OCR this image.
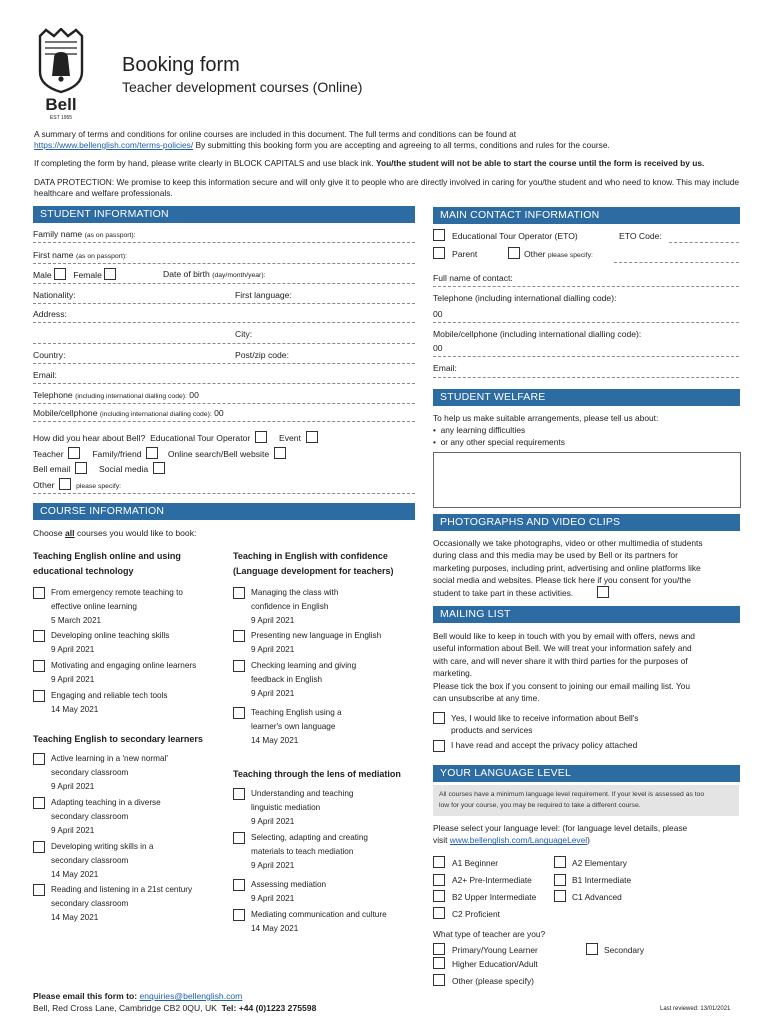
Bell
EST 1955
Booking form
Teacher development courses (Online)
A summary of terms and conditions for online courses are included in this document. The full terms and conditions can be found at
https://www.bellenglish.com/terms-policies/ By submitting this booking form you are accepting and agreeing to all terms, conditions and rules for the course.
If completing the form by hand, please write clearly in BLOCK CAPITALS and use black ink. You/the student will not be able to start the course until the form is received by us.
DATA PROTECTION: We promise to keep this information secure and will only give it to people who are directly involved in caring for you/the student and who need to know. This may include healthcare and welfare professionals.
STUDENT INFORMATION
Family name (as on passport):
First name (as on passport):
Male	Female	Date of birth (day/month/year):
Nationality:	First language:
Address:
City:
Country:	Post/zip code:
Email:
Telephone (including international dialling code): 00
Mobile/cellphone (including international dialling code): 00
How did you hear about Bell? Educational Tour Operator	Event
Teacher	Family/friend	Online search/Bell website
Bell email	Social media
Other	please specify:
MAIN CONTACT INFORMATION
Educational Tour Operator (ETO)	ETO Code:
Parent	Other please specify:
Full name of contact:
Telephone (including international dialling code):
00
Mobile/cellphone (including international dialling code):
00
Email:
STUDENT WELFARE
To help us make suitable arrangements, please tell us about:
•  any learning difficulties
•  or any other special requirements
PHOTOGRAPHS AND VIDEO CLIPS
Occasionally we take photographs, video or other multimedia of students
during class and this media may be used by Bell or its partners for
marketing purposes, including print, advertising and online platforms like
social media and websites. Please tick here if you consent for you/the
student to take part in these activities.
MAILING LIST
Bell would like to keep in touch with you by email with offers, news and
useful information about Bell. We will treat your information safely and
with care, and will never share it with third parties for the purposes of
marketing.
Please tick the box if you consent to joining our email mailing list. You
can unsubscribe at any time.
Yes, I would like to receive information about Bell's
products and services
I have read and accept the privacy policy attached
YOUR LANGUAGE LEVEL
All courses have a minimum language level requirement. If your level is assessed as too
low for your course, you may be required to take a different course.
Please select your language level: (for language level details, please
visit www.bellenglish.com/LanguageLevel)
A1 Beginner	A2 Elementary
A2+ Pre-Intermediate	B1 Intermediate
B2 Upper Intermediate	C1 Advanced
C2 Proficient
What type of teacher are you?
Primary/Young Learner	Secondary
Higher Education/Adult
Other (please specify)
COURSE INFORMATION
Choose all courses you would like to book:
Teaching English online and using
educational technology
From emergency remote teaching to
effective online learning
5 March 2021
Developing online teaching skills
9 April 2021
Motivating and engaging online learners
9 April 2021
Engaging and reliable tech tools
14 May 2021
Teaching English to secondary learners
Active learning in a 'new normal'
secondary classroom
9 April 2021
Adapting teaching in a diverse
secondary classroom
9 April 2021
Developing writing skills in a
secondary classroom
14 May 2021
Reading and listening in a 21st century
secondary classroom
14 May 2021
Teaching in English with confidence
(Language development for teachers)
Managing the class with
confidence in English
9 April 2021
Presenting new language in English
9 April 2021
Checking learning and giving
feedback in English
9 April 2021
Teaching English using a
learner's own language
14 May 2021
Teaching through the lens of mediation
Understanding and teaching
linguistic mediation
9 April 2021
Selecting, adapting and creating
materials to teach mediation
9 April 2021
Assessing mediation
9 April 2021
Mediating communication and culture
14 May 2021
Please email this form to: enquiries@bellenglish.com
Bell, Red Cross Lane, Cambridge CB2 0QU, UK Tel: +44 (0)1223 275598	Last reviewed: 13/01/2021
